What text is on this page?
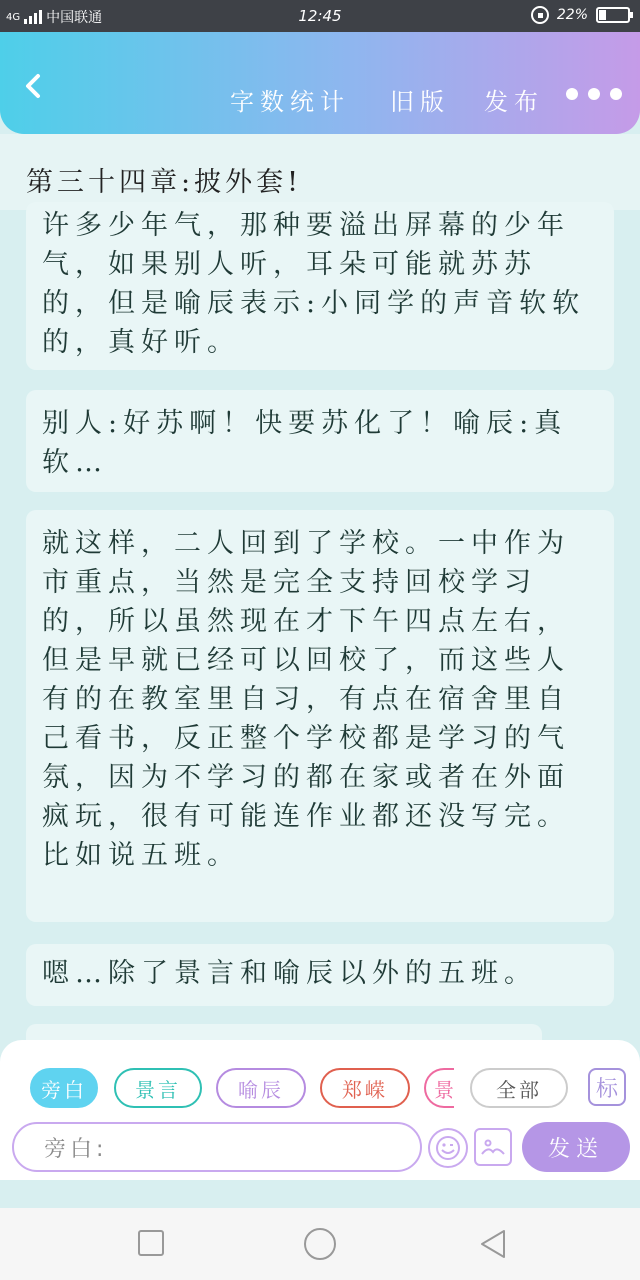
4G 中国联通	12:45	22%
字数统计 旧版 发布
第三十四章:披外套!
许多少年气，那种要溢出屏幕的少年气，如果别人听，耳朵可能就苏苏的，但是喻辰表示:小同学的声音软软的，真好听。
别人:好苏啊！快要苏化了！喻辰:真软…
就这样，二人回到了学校。一中作为市重点，当然是完全支持回校学习的，所以虽然现在才下午四点左右，但是早就已经可以回校了，而这些人有的在教室里自习，有点在宿舍里自己看书，反正整个学校都是学习的气氛，因为不学习的都在家或者在外面疯玩，很有可能连作业都还没写完。比如说五班。
嗯…除了景言和喻辰以外的五班。
旁白	景言	喻辰	郑嵘	景	全部	标
旁白:	发送
